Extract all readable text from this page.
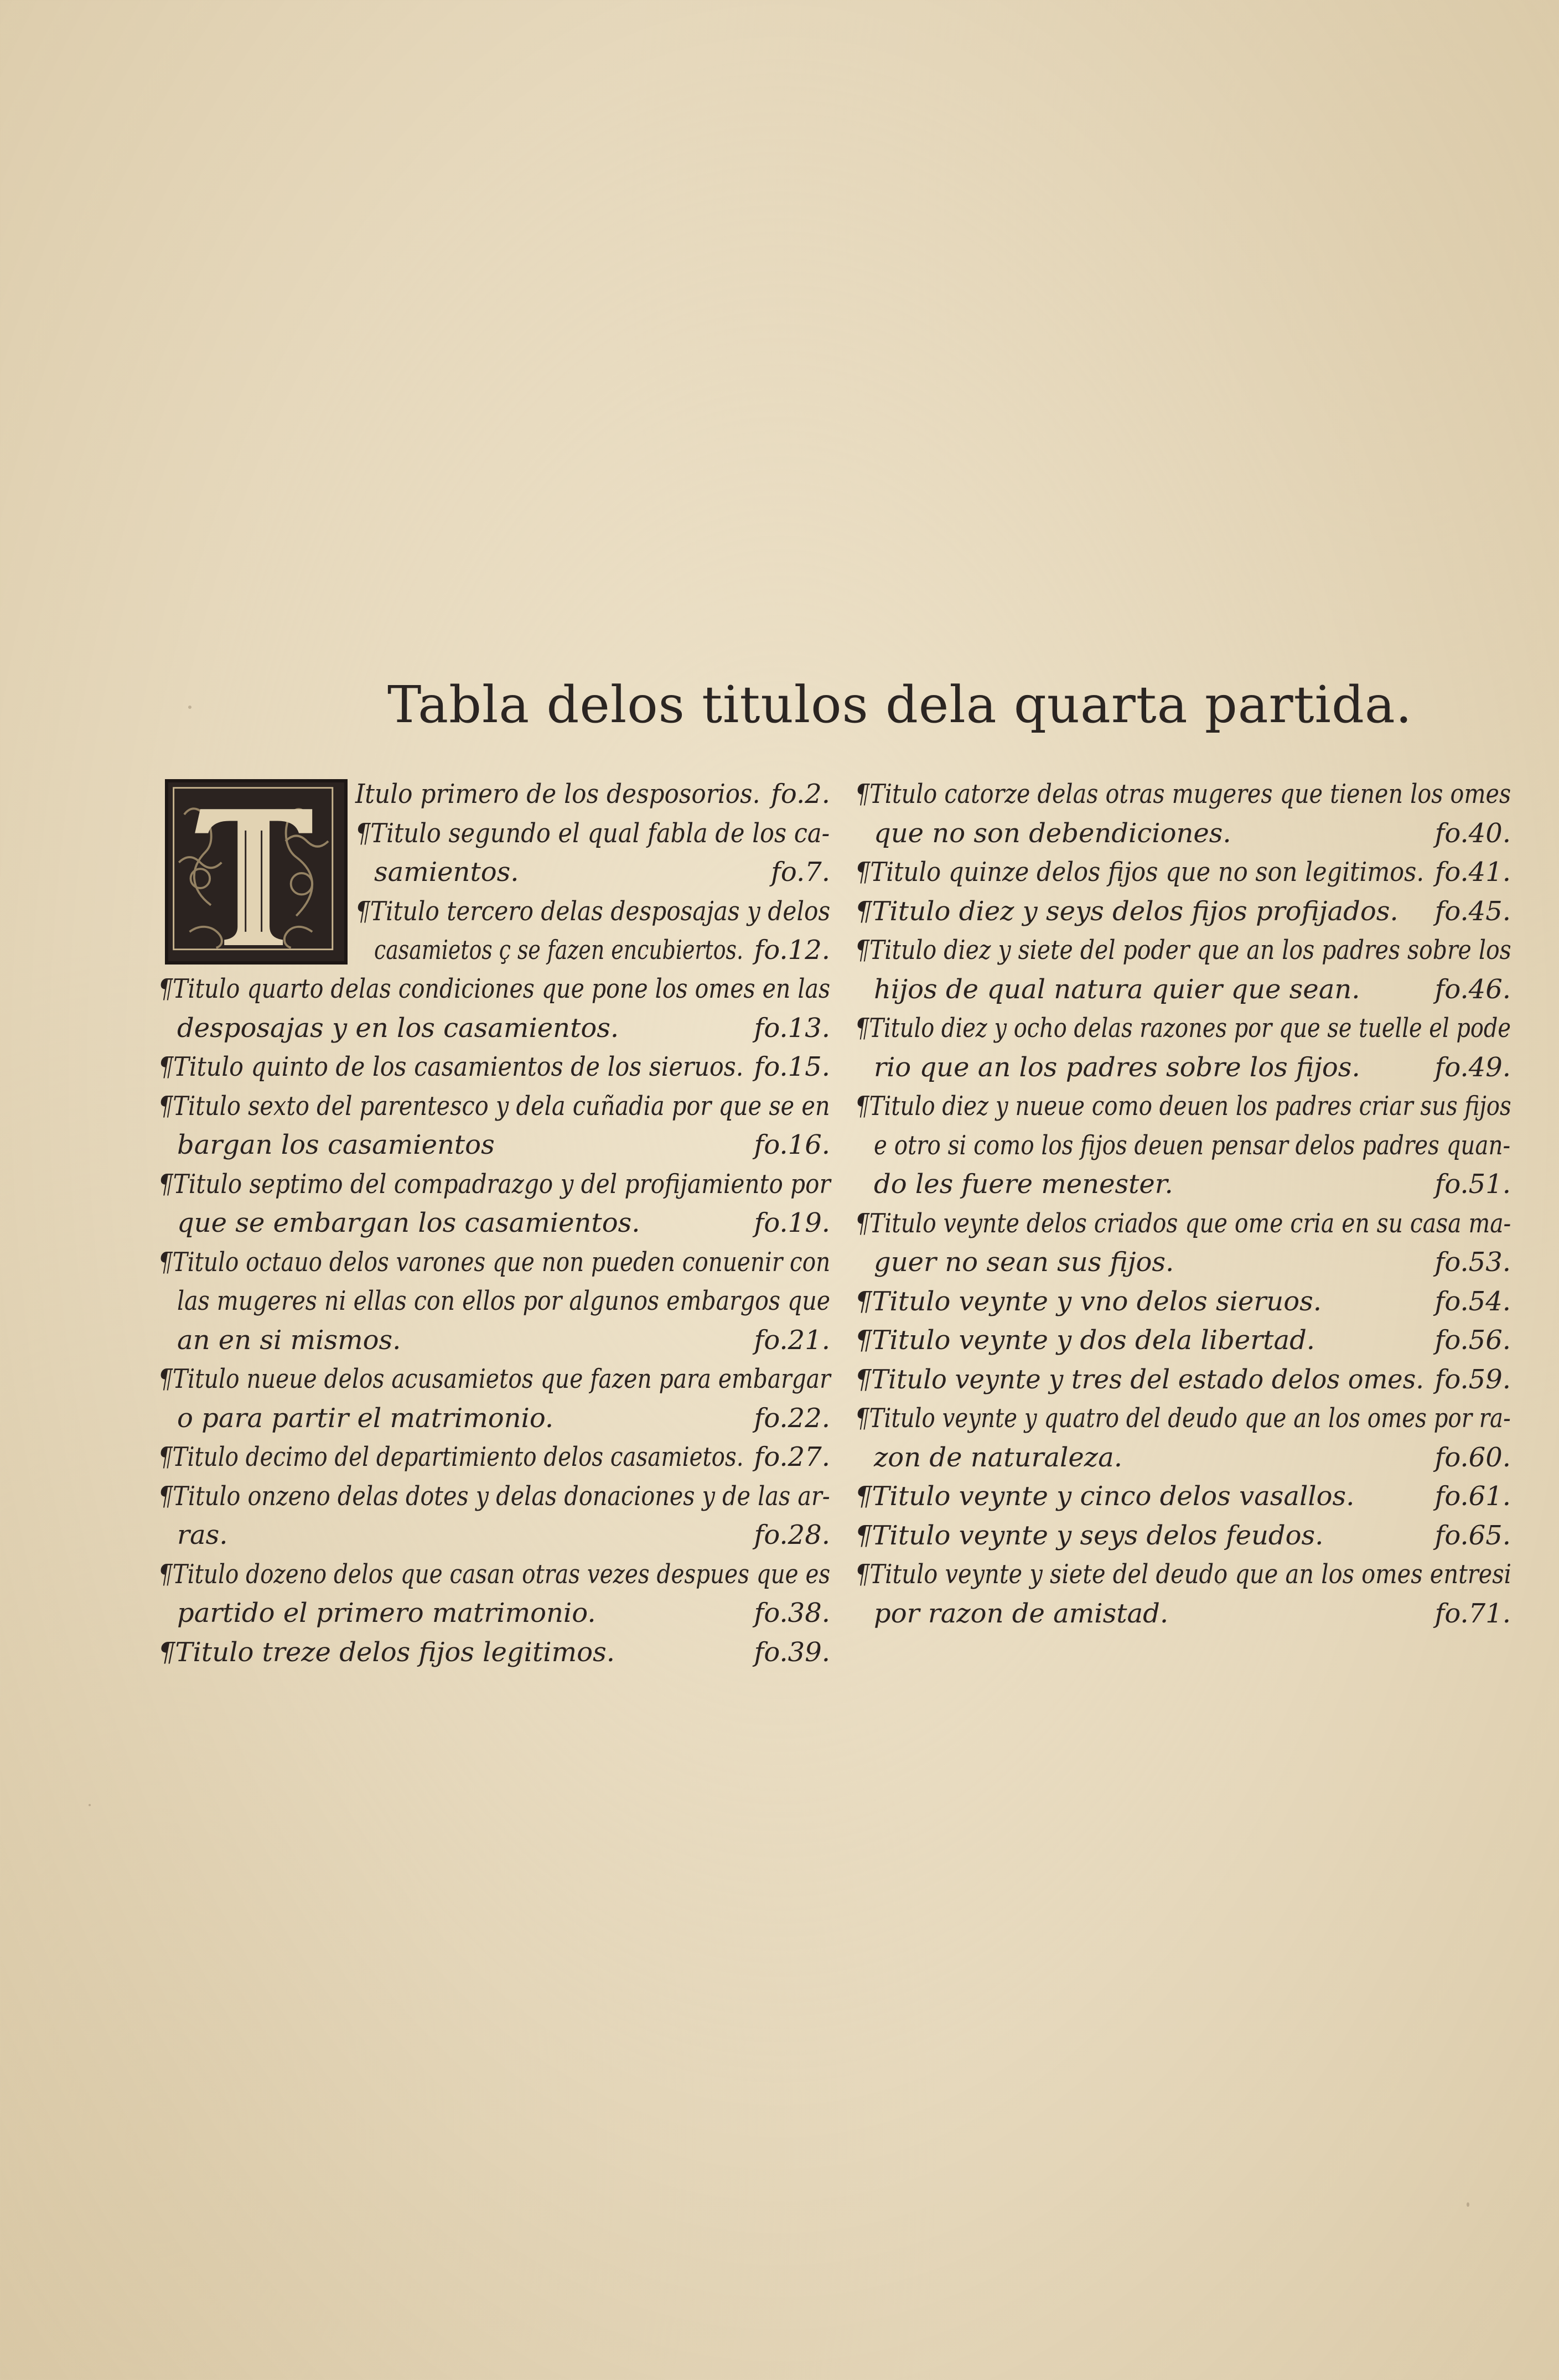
Tabla delos titulos dela quarta partida.
Itulo primero de los desposorios. fo.2.
¶Titulo segundo el qual fabla de los ca-
samientos.	fo.7.
¶Titulo tercero delas desposajas y delos
casamietos ç se fazen encubiertos. fo.12.
¶Titulo quarto delas condiciones que pone los omes en las
desposajas y en los casamientos.	fo.13.
¶Titulo quinto de los casamientos de los sieruos. fo.15.
¶Titulo sexto del parentesco y dela cuñadia por que se en
bargan los casamientos	fo.16.
¶Titulo septimo del compadrazgo y del profijamiento por
que se embargan los casamientos.	fo.19.
¶Titulo octauo delos varones que non pueden conuenir con
las mugeres ni ellas con ellos por algunos embargos que
an en si mismos.	fo.21.
¶Titulo nueue delos acusamietos que fazen para embargar
o para partir el matrimonio.	fo.22.
¶Titulo decimo del departimiento delos casamietos. fo.27.
¶Titulo onzeno delas dotes y delas donaciones y de las ar-
ras.	fo.28.
¶Titulo dozeno delos que casan otras vezes despues que es
partido el primero matrimonio.	fo.38.
¶Titulo treze delos fijos legitimos.	fo.39.
¶Titulo catorze delas otras mugeres que tienen los omes
que no son debendiciones.	fo.40.
¶Titulo quinze delos fijos que no son legitimos. fo.41.
¶Titulo diez y seys delos fijos profijados. fo.45.
¶Titulo diez y siete del poder que an los padres sobre los
hijos de qual natura quier que sean.	fo.46.
¶Titulo diez y ocho delas razones por que se tuelle el pode
rio que an los padres sobre los fijos.	fo.49.
¶Titulo diez y nueue como deuen los padres criar sus fijos
e otro si como los fijos deuen pensar delos padres quan-
do les fuere menester.	fo.51.
¶Titulo veynte delos criados que ome cria en su casa ma-
guer no sean sus fijos.	fo.53.
¶Titulo veynte y vno delos sieruos.	fo.54.
¶Titulo veynte y dos dela libertad.	fo.56.
¶Titulo veynte y tres del estado delos omes. fo.59.
¶Titulo veynte y quatro del deudo que an los omes por ra-
zon de naturaleza.	fo.60.
¶Titulo veynte y cinco delos vasallos.	fo.61.
¶Titulo veynte y seys delos feudos.	fo.65.
¶Titulo veynte y siete del deudo que an los omes entresi
por razon de amistad.	fo.71.
